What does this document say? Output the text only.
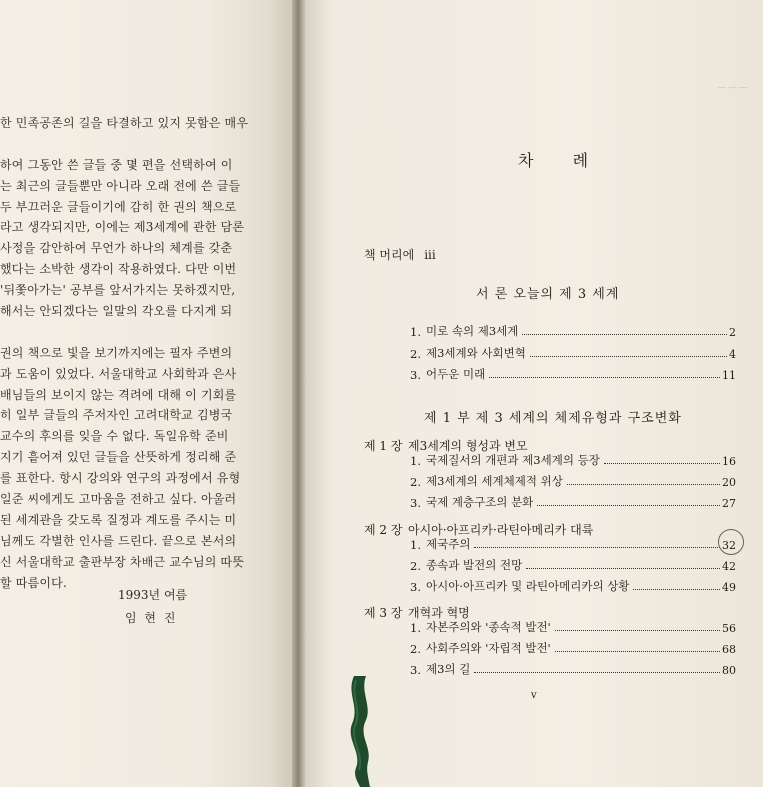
한 민족공존의 길을 타결하고 있지 못함은 매우
하여 그동안 쓴 글들 중 몇 편을 선택하여 이
는 최근의 글들뿐만 아니라 오래 전에 쓴 글들
두 부끄러운 글들이기에 감히 한 권의 책으로
라고 생각되지만, 이에는 제3세계에 관한 담론
사정을 감안하여 무언가 하나의 체계를 갖춘
했다는 소박한 생각이 작용하였다. 다만 이번
'뒤쫓아가는' 공부를 앞서가지는 못하겠지만,
해서는 안되겠다는 일말의 각오를 다지게 되
권의 책으로 빛을 보기까지에는 필자 주변의
과 도움이 있었다. 서울대학교 사회학과 은사
배님들의 보이지 않는 격려에 대해 이 기회를
히 일부 글들의 주저자인 고려대학교 김병국
교수의 후의를 잊을 수 없다. 독일유학 준비
지기 흩어져 있던 글들을 산뜻하게 정리해 준
를 표한다. 항시 강의와 연구의 과정에서 유형
일준 씨에게도 고마움을 전하고 싶다. 아울러
된 세계관을 갖도록 질정과 계도를 주시는 미
님께도 각별한 인사를 드린다. 끝으로 본서의
신 서울대학교 출판부장 차배근 교수님의 따뜻
할 따름이다.
1993년 여름
임 현 진
차 례
책 머리에 iii
서 론 오늘의 제 3 세계
1. 미로 속의 제3세계	2
2. 제3세계와 사회변혁	4
3. 어두운 미래	11
제 1 부 제 3 세계의 체제유형과 구조변화
제 1 장 제3세계의 형성과 변모
1. 국제질서의 개편과 제3세계의 등장	16
2. 제3세계의 세계체제적 위상	20
3. 국제 계층구조의 분화	27
제 2 장 아시아·아프리카·라틴아메리카 대륙
1. 제국주의	32
2. 종속과 발전의 전망	42
3. 아시아·아프리카 및 라틴아메리카의 상황	49
제 3 장 개혁과 혁명
1. 자본주의와 '종속적 발전'	56
2. 사회주의와 '자립적 발전'	68
3. 제3의 길	80
v
― ― ―
